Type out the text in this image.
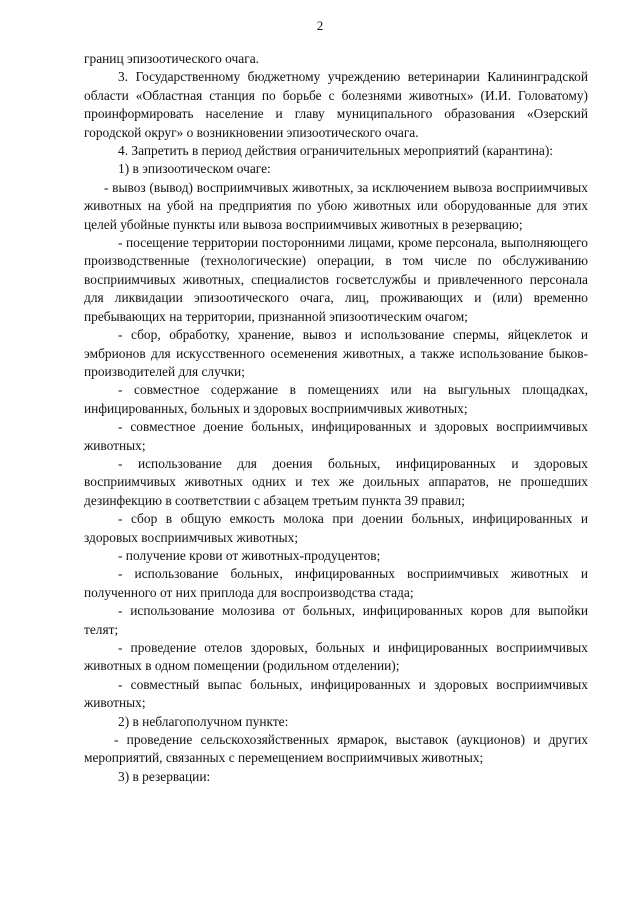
2

границ эпизоотического очага.

3. Государственному бюджетному учреждению ветеринарии Калининградской области «Областная станция по борьбе с болезнями животных» (И.И. Головатому) проинформировать население и главу муниципального образования «Озерский городской округ» о возникновении эпизоотического очага.

4. Запретить в период действия ограничительных мероприятий (карантина):

1) в эпизоотическом очаге:

- вывоз (вывод) восприимчивых животных, за исключением вывоза восприимчивых животных на убой на предприятия по убою животных или оборудованные для этих целей убойные пункты или вывоза восприимчивых животных в резервацию;

- посещение территории посторонними лицами, кроме персонала, выполняющего производственные (технологические) операции, в том числе по обслуживанию восприимчивых животных, специалистов госветслужбы и привлеченного персонала для ликвидации эпизоотического очага, лиц, проживающих и (или) временно пребывающих на территории, признанной эпизоотическим очагом;

- сбор, обработку, хранение, вывоз и использование спермы, яйцеклеток и эмбрионов для искусственного осеменения животных, а также использование быков-производителей для случки;

- совместное содержание в помещениях или на выгульных площадках, инфицированных, больных и здоровых восприимчивых животных;

- совместное доение больных, инфицированных и здоровых восприимчивых животных;

- использование для доения больных, инфицированных и здоровых восприимчивых животных одних и тех же доильных аппаратов, не прошедших дезинфекцию в соответствии с абзацем третьим пункта 39 правил;

- сбор в общую емкость молока при доении больных, инфицированных и здоровых восприимчивых животных;

- получение крови от животных-продуцентов;

- использование больных, инфицированных восприимчивых животных и полученного от них приплода для воспроизводства стада;

- использование молозива от больных, инфицированных коров для выпойки телят;

- проведение отелов здоровых, больных и инфицированных восприимчивых животных в одном помещении (родильном отделении);

- совместный выпас больных, инфицированных и здоровых восприимчивых животных;

2) в неблагополучном пункте:

- проведение сельскохозяйственных ярмарок, выставок (аукционов) и других мероприятий, связанных с перемещением восприимчивых животных;

3) в резервации:
